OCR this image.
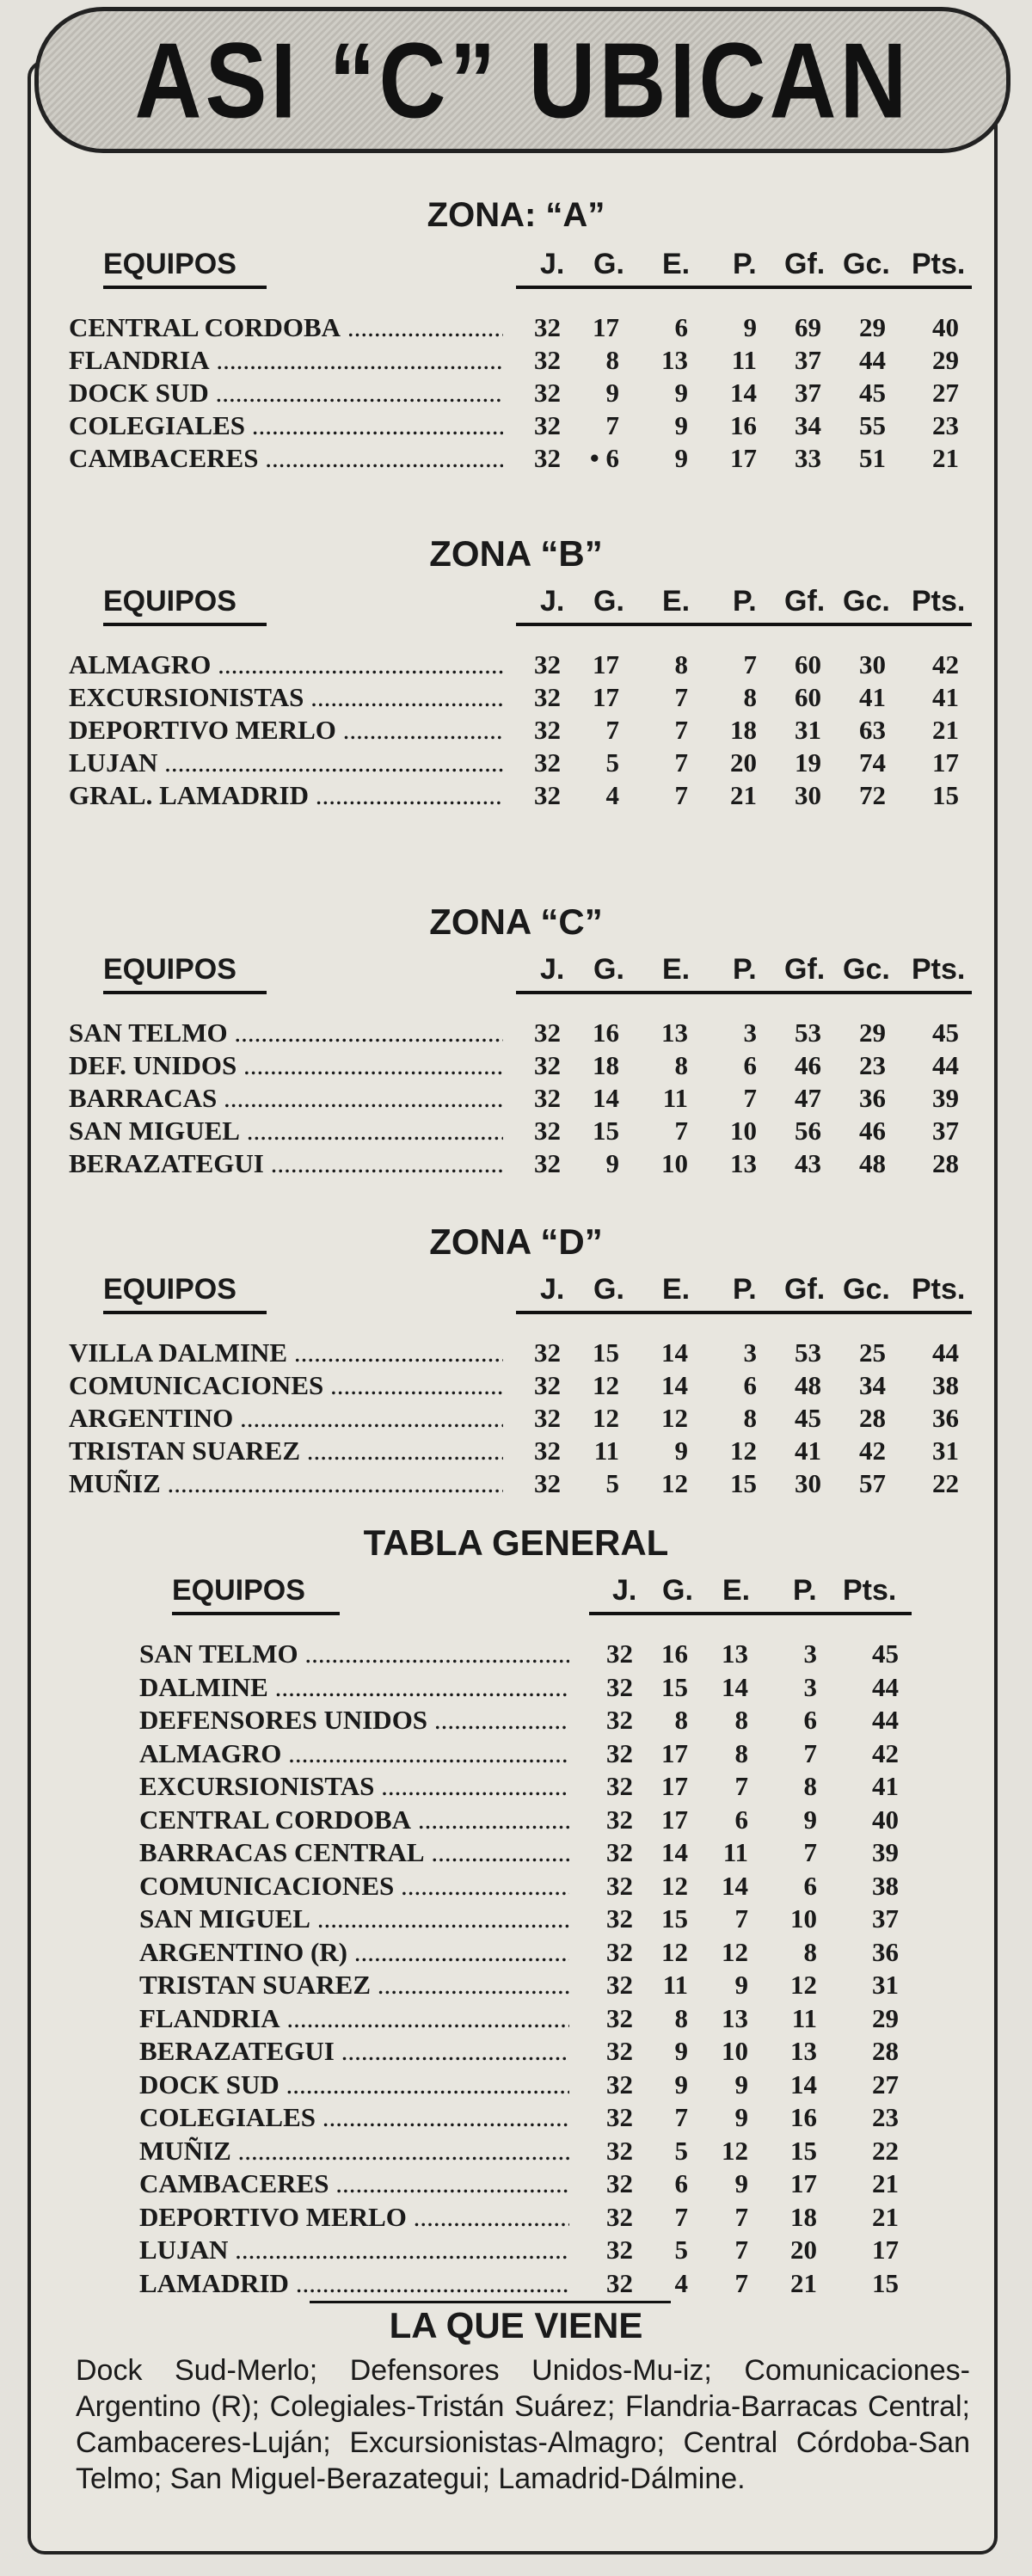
ASI “C” UBICAN
ZONA: “A”
EQUIPOS	J. G. E. P. Gf. Gc. Pts.
CENTRAL CORDOBA .....	32	17	6	9	69	29	40
FLANDRIA .....	32	8	13	11	37	44	29
DOCK SUD .....	32	9	9	14	37	45	27
COLEGIALES .....	32	7	9	16	34	55	23
CAMBACERES .....	32	• 6	9	17	33	51	21
ZONA “B”
EQUIPOS	J. G. E. P. Gf. Gc. Pts.
ALMAGRO .....	32	17	8	7	60	30	42
EXCURSIONISTAS .....	32	17	7	8	60	41	41
DEPORTIVO MERLO .....	32	7	7	18	31	63	21
LUJAN .....	32	5	7	20	19	74	17
GRAL. LAMADRID .....	32	4	7	21	30	72	15
ZONA “C”
EQUIPOS	J. G. E. P. Gf. Gc. Pts.
SAN TELMO .....	32	16	13	3	53	29	45
DEF. UNIDOS .....	32	18	8	6	46	23	44
BARRACAS .....	32	14	11	7	47	36	39
SAN MIGUEL .....	32	15	7	10	56	46	37
BERAZATEGUI .....	32	9	10	13	43	48	28
ZONA “D”
EQUIPOS	J. G. E. P. Gf. Gc. Pts.
VILLA DALMINE .....	32	15	14	3	53	25	44
COMUNICACIONES .....	32	12	14	6	48	34	38
ARGENTINO .....	32	12	12	8	45	28	36
TRISTAN SUAREZ .....	32	11	9	12	41	42	31
MUÑIZ .....	32	5	12	15	30	57	22
TABLA GENERAL
EQUIPOS	J. G. E. P. Pts.
SAN TELMO .....	32	16	13	3	45
DALMINE .....	32	15	14	3	44
DEFENSORES UNIDOS .....	32	8	8	6	44
ALMAGRO .....	32	17	8	7	42
EXCURSIONISTAS .....	32	17	7	8	41
CENTRAL CORDOBA .....	32	17	6	9	40
BARRACAS CENTRAL .....	32	14	11	7	39
COMUNICACIONES .....	32	12	14	6	38
SAN MIGUEL .....	32	15	7	10	37
ARGENTINO (R) .....	32	12	12	8	36
TRISTAN SUAREZ .....	32	11	9	12	31
FLANDRIA .....	32	8	13	11	29
BERAZATEGUI .....	32	9	10	13	28
DOCK SUD .....	32	9	9	14	27
COLEGIALES .....	32	7	9	16	23
MUÑIZ .....	32	5	12	15	22
CAMBACERES .....	32	6	9	17	21
DEPORTIVO MERLO .....	32	7	7	18	21
LUJAN .....	32	5	7	20	17
LAMADRID .....	32	4	7	21	15
LA QUE VIENE
Dock Sud-Merlo; Defensores Unidos-Mu-iz; Comunicaciones-Argentino (R); Colegiales-Tristán Suárez; Flandria-Barracas Central; Cambaceres-Luján; Excursionistas-Almagro; Central Córdoba-San Telmo; San Miguel-Berazategui; Lamadrid-Dálmine.
